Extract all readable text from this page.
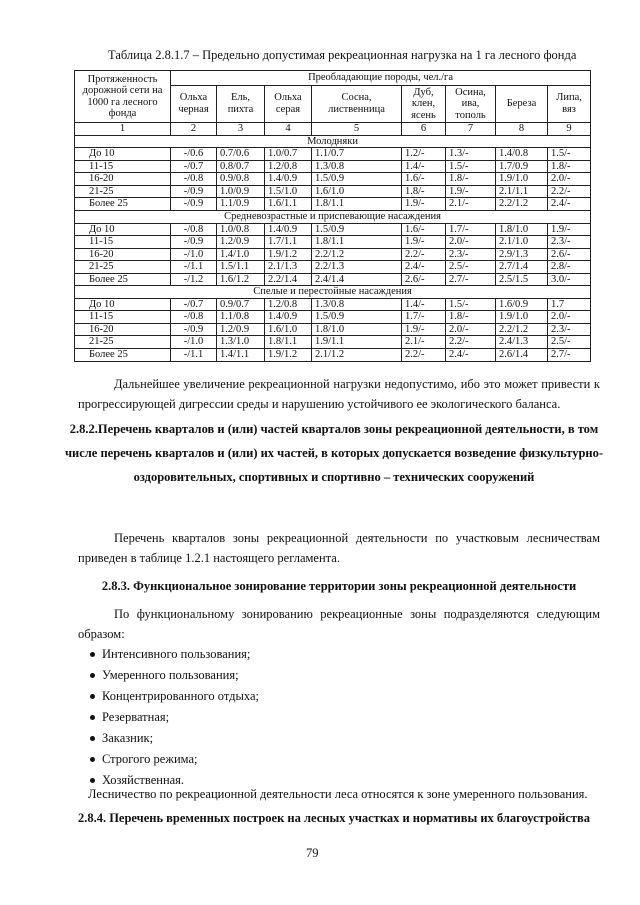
Таблица 2.8.1.7 – Предельно допустимая рекреационная нагрузка на 1 га лесного фонда
Протяженность дорожной сети на 1000 га лесного фонда	Преобладающие породы, чел./га							
	Ольха черная	Ель, пихта	Ольха серая	Сосна, лиственница	Дуб, клен, ясень	Осина, ива, тополь	Береза	Липа, вяз
1	2	3	4	5	6	7	8	9
Молодняки								
До 10	-/0.6	0.7/0.6	1.0/0.7	1.1/0.7	1.2/-	1.3/-	1.4/0.8	1.5/-
11-15	-/0.7	0.8/0.7	1.2/0.8	1.3/0.8	1.4/-	1.5/-	1.7/0.9	1.8/-
16-20	-/0.8	0.9/0.8	1.4/0.9	1.5/0.9	1.6/-	1.8/-	1.9/1.0	2.0/-
21-25	-/0.9	1.0/0.9	1.5/1.0	1.6/1.0	1.8/-	1.9/-	2.1/1.1	2.2/-
Более 25	-/0.9	1.1/0.9	1.6/1.1	1.8/1.1	1.9/-	2.1/-	2.2/1.2	2.4/-
Средневозрастные и приспевающие насаждения								
До 10	-/0.8	1.0/0.8	1.4/0.9	1.5/0.9	1.6/-	1.7/-	1.8/1.0	1.9/-
11-15	-/0.9	1.2/0.9	1.7/1.1	1.8/1.1	1.9/-	2.0/-	2.1/1.0	2.3/-
16-20	-/1.0	1.4/1.0	1.9/1.2	2.2/1.2	2.2/-	2.3/-	2.9/1.3	2.6/-
21-25	-/1.1	1.5/1.1	2.1/1.3	2.2/1.3	2.4/-	2.5/-	2.7/1.4	2.8/-
Более 25	-/1.2	1.6/1.2	2.2/1.4	2.4/1.4	2.6/-	2.7/-	2.5/1.5	3.0/-
Спелые и перестойные насаждения								
До 10	-/0.7	0.9/0.7	1.2/0.8	1.3/0.8	1.4/-	1.5/-	1.6/0.9	1.7
11-15	-/0.8	1.1/0.8	1.4/0.9	1.5/0.9	1.7/-	1.8/-	1.9/1.0	2.0/-
16-20	-/0.9	1.2/0.9	1.6/1.0	1.8/1.0	1.9/-	2.0/-	2.2/1.2	2.3/-
21-25	-/1.0	1.3/1.0	1.8/1.1	1.9/1.1	2.1/-	2.2/-	2.4/1.3	2.5/-
Более 25	-/1.1	1.4/1.1	1.9/1.2	2.1/1.2	2.2/-	2.4/-	2.6/1.4	2.7/-
Дальнейшее увеличение рекреационной нагрузки недопустимо, ибо это может привести к прогрессирующей дигрессии среды и нарушению устойчивого ее экологического баланса.
2.8.2.Перечень кварталов и (или) частей кварталов зоны рекреационной деятельности, в том числе перечень кварталов и (или) их частей, в которых допускается возведение физкультурно-оздоровительных, спортивных и спортивно – технических сооружений
Перечень кварталов зоны рекреационной деятельности по участковым лесничествам приведен в таблице 1.2.1 настоящего регламента.
2.8.3. Функциональное зонирование территории зоны рекреационной деятельности
По функциональному зонированию рекреационные зоны подразделяются следующим образом:
Интенсивного пользования;
Умеренного пользования;
Концентрированного отдыха;
Резерватная;
Заказник;
Строгого режима;
Хозяйственная.
Лесничество по рекреационной деятельности леса относятся к зоне умеренного пользования.
2.8.4. Перечень временных построек на лесных участках и нормативы их благоустройства
79
